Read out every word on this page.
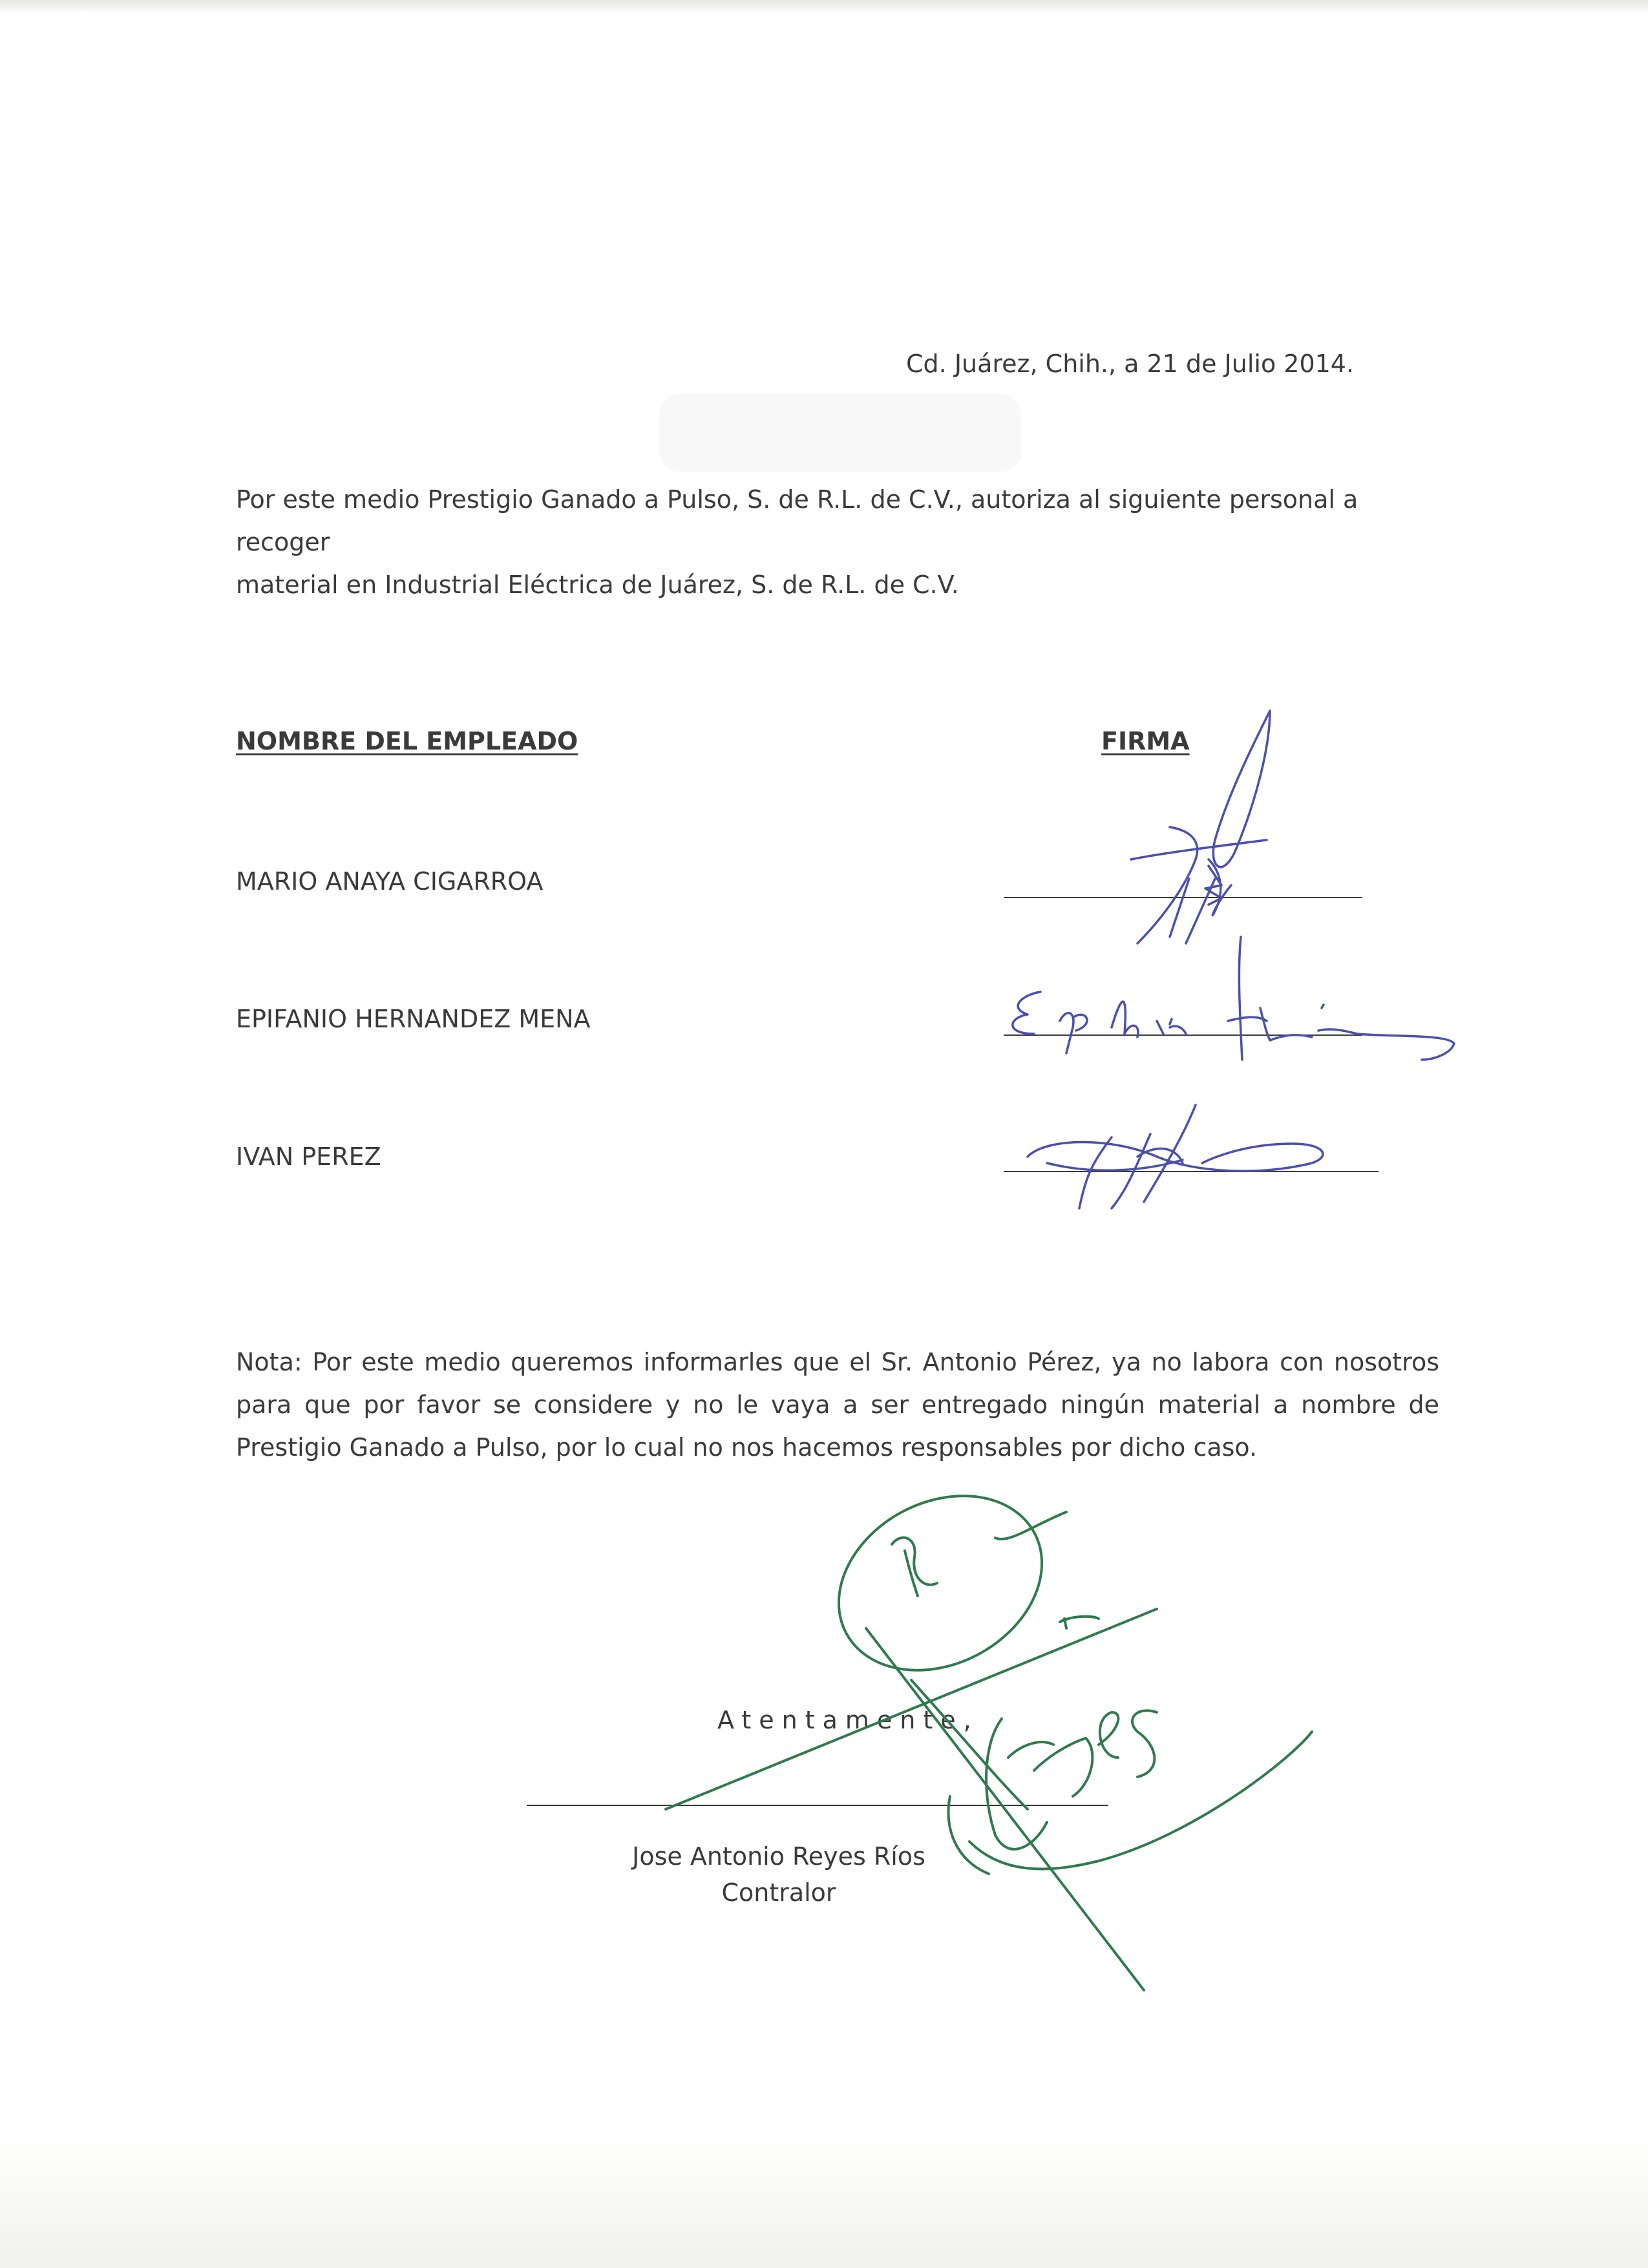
Cd. Juárez, Chih., a 21 de Julio 2014.
Por este medio Prestigio Ganado a Pulso, S. de R.L. de C.V., autoriza al siguiente personal a recoger
material en Industrial Eléctrica de Juárez, S. de R.L. de C.V.
NOMBRE DEL EMPLEADO	FIRMA
MARIO ANAYA CIGARROA
EPIFANIO HERNANDEZ MENA
IVAN PEREZ
Nota: Por este medio queremos informarles que el Sr. Antonio Pérez, ya no labora con nosotros
para que por favor se considere y no le vaya a ser entregado ningún material a nombre de
Prestigio Ganado a Pulso, por lo cual no nos hacemos responsables por dicho caso.
Atentamente,
Jose Antonio Reyes Ríos
Contralor
